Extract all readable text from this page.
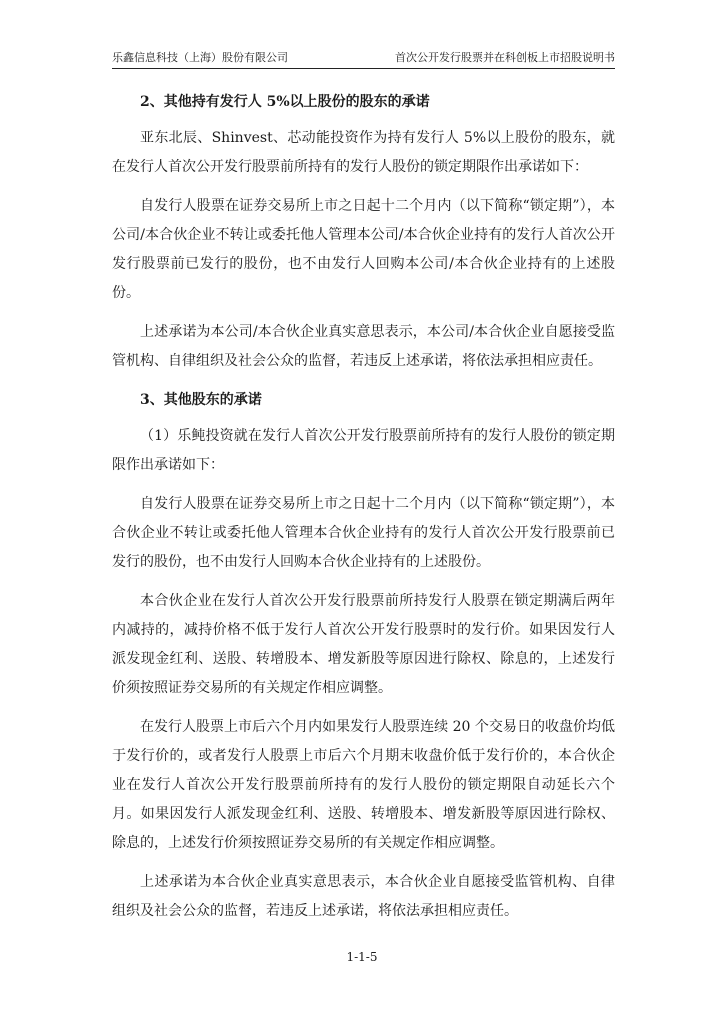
乐鑫信息科技（上海）股份有限公司	首次公开发行股票并在科创板上市招股说明书
2、其他持有发行人 5%以上股份的股东的承诺

亚东北辰、Shinvest、芯动能投资作为持有发行人 5%以上股份的股东，就在发行人首次公开发行股票前所持有的发行人股份的锁定期限作出承诺如下：

自发行人股票在证券交易所上市之日起十二个月内（以下简称“锁定期”），本公司/本合伙企业不转让或委托他人管理本公司/本合伙企业持有的发行人首次公开发行股票前已发行的股份，也不由发行人回购本公司/本合伙企业持有的上述股份。

上述承诺为本公司/本合伙企业真实意思表示，本公司/本合伙企业自愿接受监管机构、自律组织及社会公众的监督，若违反上述承诺，将依法承担相应责任。

3、其他股东的承诺

（1）乐鲀投资就在发行人首次公开发行股票前所持有的发行人股份的锁定期限作出承诺如下：

自发行人股票在证券交易所上市之日起十二个月内（以下简称“锁定期”），本合伙企业不转让或委托他人管理本合伙企业持有的发行人首次公开发行股票前已发行的股份，也不由发行人回购本合伙企业持有的上述股份。

本合伙企业在发行人首次公开发行股票前所持发行人股票在锁定期满后两年内减持的，减持价格不低于发行人首次公开发行股票时的发行价。如果因发行人派发现金红利、送股、转增股本、增发新股等原因进行除权、除息的，上述发行价须按照证券交易所的有关规定作相应调整。

在发行人股票上市后六个月内如果发行人股票连续 20 个交易日的收盘价均低于发行价的，或者发行人股票上市后六个月期末收盘价低于发行价的，本合伙企业在发行人首次公开发行股票前所持有的发行人股份的锁定期限自动延长六个月。如果因发行人派发现金红利、送股、转增股本、增发新股等原因进行除权、除息的，上述发行价须按照证券交易所的有关规定作相应调整。

上述承诺为本合伙企业真实意思表示，本合伙企业自愿接受监管机构、自律组织及社会公众的监督，若违反上述承诺，将依法承担相应责任。

1-1-5
